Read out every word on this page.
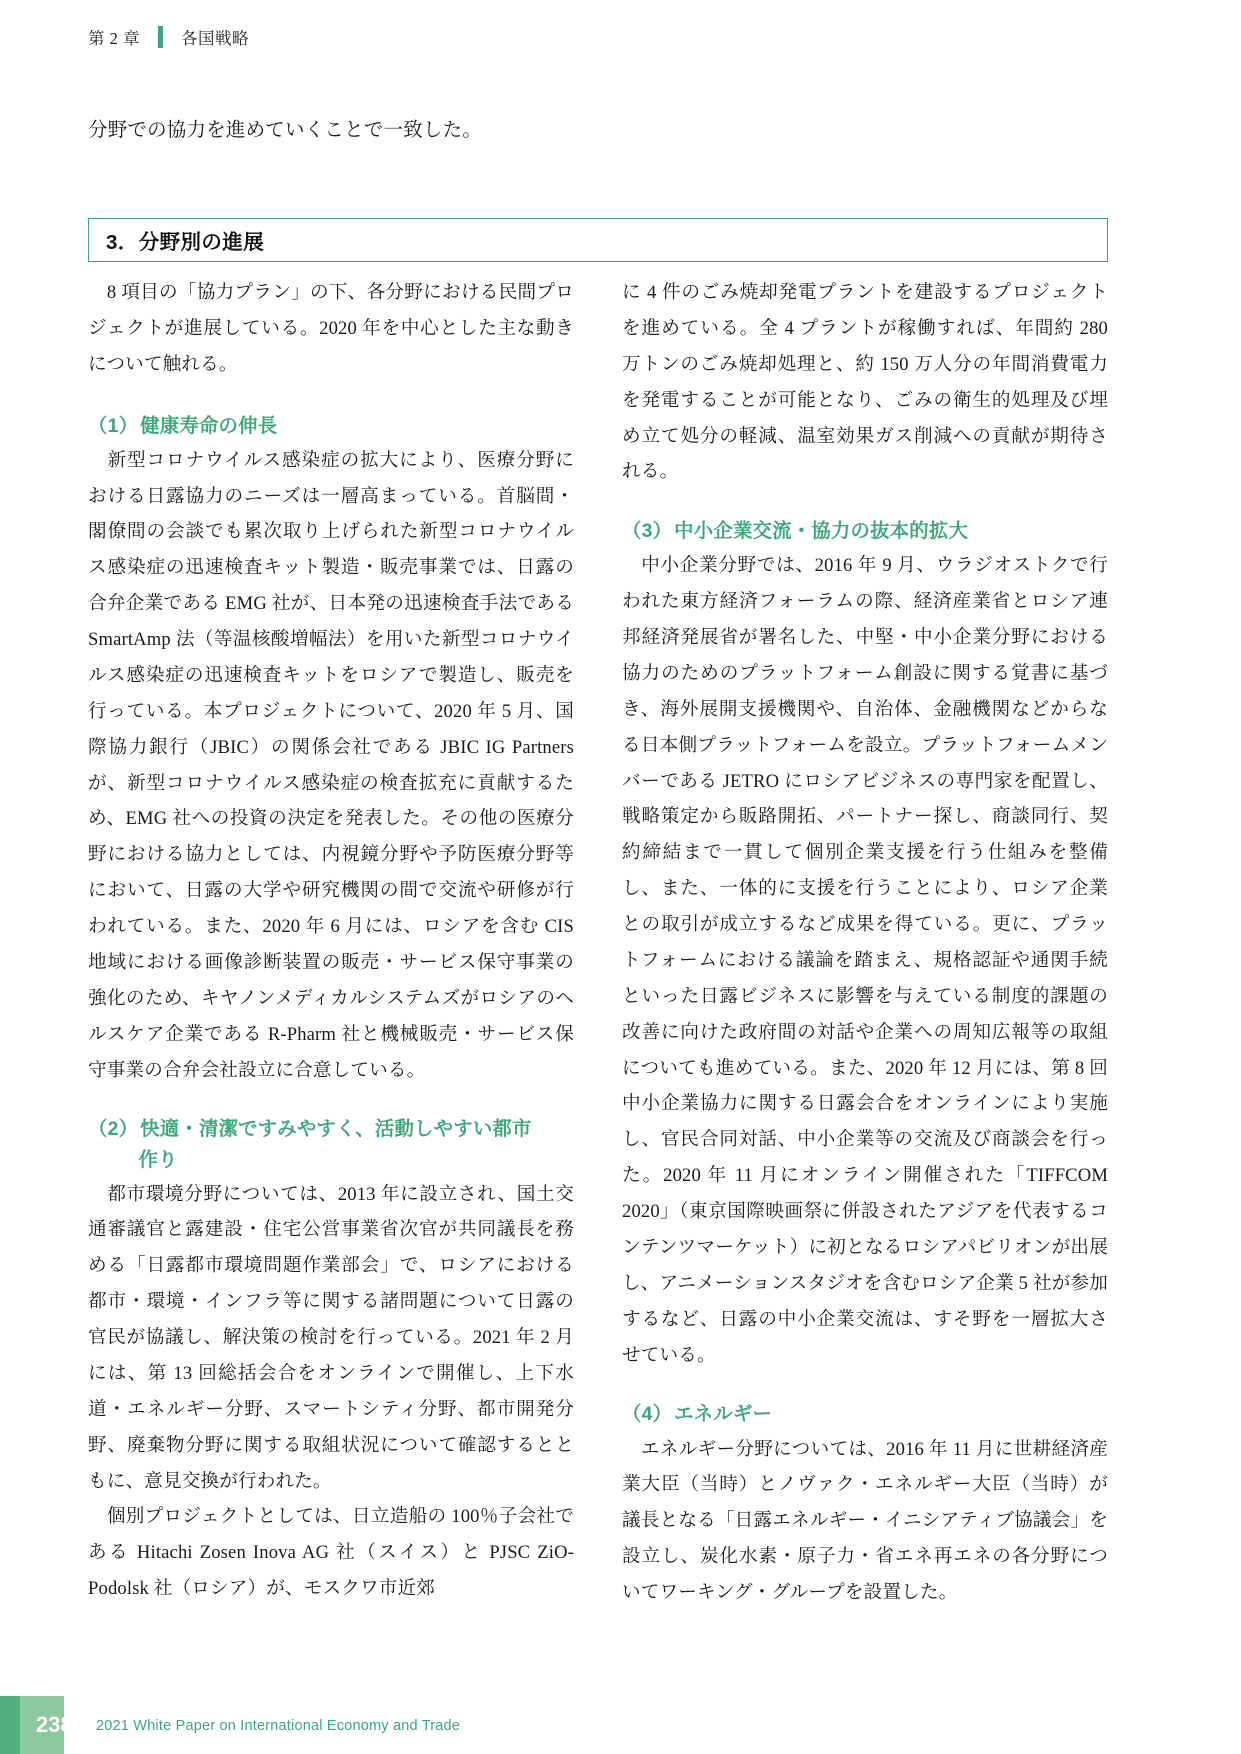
第 2 章 各国戦略
分野での協力を進めていくことで一致した。
3．分野別の進展

　8 項目の「協力プラン」の下、各分野における民間プロジェクトが進展している。2020 年を中心とした主な動きについて触れる。

（1） 健康寿命の伸長

　新型コロナウイルス感染症の拡大により、医療分野における日露協力のニーズは一層高まっている。首脳間・閣僚間の会談でも累次取り上げられた新型コロナウイルス感染症の迅速検査キット製造・販売事業では、日露の合弁企業である EMG 社が、日本発の迅速検査手法である SmartAmp 法（等温核酸増幅法）を用いた新型コロナウイルス感染症の迅速検査キットをロシアで製造し、販売を行っている。本プロジェクトについて、2020 年 5 月、国際協力銀行（JBIC）の関係会社である JBIC IG Partners が、新型コロナウイルス感染症の検査拡充に貢献するため、EMG 社への投資の決定を発表した。その他の医療分野における協力としては、内視鏡分野や予防医療分野等において、日露の大学や研究機関の間で交流や研修が行われている。また、2020 年 6 月には、ロシアを含む CIS 地域における画像診断装置の販売・サービス保守事業の強化のため、キヤノンメディカルシステムズがロシアのヘルスケア企業である R-Pharm 社と機械販売・サービス保守事業の合弁会社設立に合意している。

（2） 快適・清潔ですみやすく、活動しやすい都市
作り

　都市環境分野については、2013 年に設立され、国土交通審議官と露建設・住宅公営事業省次官が共同議長を務める「日露都市環境問題作業部会」で、ロシアにおける都市・環境・インフラ等に関する諸問題について日露の官民が協議し、解決策の検討を行っている。2021 年 2 月には、第 13 回総括会合をオンラインで開催し、上下水道・エネルギー分野、スマートシティ分野、都市開発分野、廃棄物分野に関する取組状況について確認するとともに、意見交換が行われた。

　個別プロジェクトとしては、日立造船の 100％子会社である Hitachi Zosen Inova AG 社（スイス）と PJSC ZiO-Podolsk 社（ロシア）が、モスクワ市近郊

に 4 件のごみ焼却発電プラントを建設するプロジェクトを進めている。全 4 プラントが稼働すれば、年間約 280 万トンのごみ焼却処理と、約 150 万人分の年間消費電力を発電することが可能となり、ごみの衛生的処理及び埋め立て処分の軽減、温室効果ガス削減への貢献が期待される。

（3） 中小企業交流・協力の抜本的拡大

　中小企業分野では、2016 年 9 月、ウラジオストクで行われた東方経済フォーラムの際、経済産業省とロシア連邦経済発展省が署名した、中堅・中小企業分野における協力のためのプラットフォーム創設に関する覚書に基づき、海外展開支援機関や、自治体、金融機関などからなる日本側プラットフォームを設立。プラットフォームメンバーである JETRO にロシアビジネスの専門家を配置し、戦略策定から販路開拓、パートナー探し、商談同行、契約締結まで一貫して個別企業支援を行う仕組みを整備し、また、一体的に支援を行うことにより、ロシア企業との取引が成立するなど成果を得ている。更に、プラットフォームにおける議論を踏まえ、規格認証や通関手続といった日露ビジネスに影響を与えている制度的課題の改善に向けた政府間の対話や企業への周知広報等の取組についても進めている。また、2020 年 12 月には、第 8 回中小企業協力に関する日露会合をオンラインにより実施し、官民合同対話、中小企業等の交流及び商談会を行った。2020 年 11 月にオンライン開催された「TIFFCOM 2020」（東京国際映画祭に併設されたアジアを代表するコンテンツマーケット）に初となるロシアパビリオンが出展し、アニメーションスタジオを含むロシア企業 5 社が参加するなど、日露の中小企業交流は、すそ野を一層拡大させている。

（4） エネルギー

　エネルギー分野については、2016 年 11 月に世耕経済産業大臣（当時）とノヴァク・エネルギー大臣（当時）が議長となる「日露エネルギー・イニシアティブ協議会」を設立し、炭化水素・原子力・省エネ再エネの各分野についてワーキング・グループを設置した。

238 2021 White Paper on International Economy and Trade
